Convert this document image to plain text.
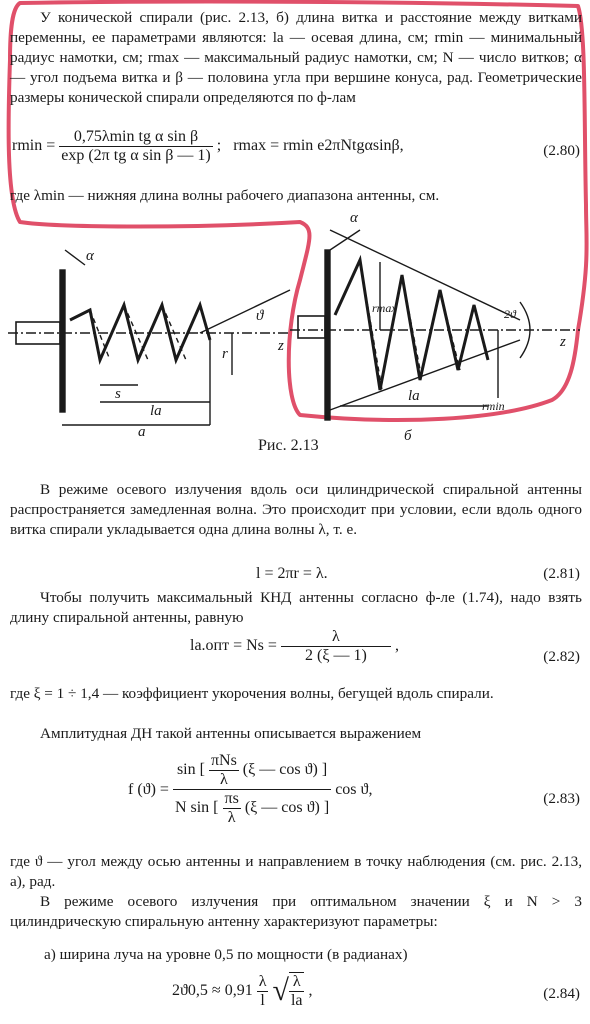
У конической спирали (рис. 2.13, б) длина витка и расстояние между витками переменны, ее параметрами являются: la — осевая длина, см; rmin — минимальный радиус намотки, см; rmax — максимальный радиус намотки, см; N — число витков; α — угол подъема витка и β — половина угла при вершине конуса, рад. Геометрические размеры конической спирали определяются по ф-лам
$rmin = \frac{\text{0,75λmin tg α sin β}}{\text{exp (2π tg α sin β — 1)}}$ ; rmax = rmin e2πNtgαsinβ,	(2.80)
где λmin — нижняя длина волны рабочего диапазона антенны, см.
α
ϑ
s
la
r	z
а
α
rmax	2ϑ
z
la
rmin
б
Рис. 2.13
В режиме осевого излучения вдоль оси цилиндрической спиральной антенны распространяется замедленная волна. Это происходит при условии, если вдоль одного витка спирали укладывается одна длина волны λ, т. е.
l = 2πr = λ.	(2.81)
Чтобы получить максимальный КНД антенны согласно ф-ле (1.74), надо взять длину спиральной антенны, равную
$la.опт = Ns = \frac{\lambda}{2 (\xi — 1)}$ ,
(2.82)
где ξ = 1 ÷ 1,4 — коэффициент укорочения волны, бегущей вдоль спирали.
Амплитудная ДН такой антенны описывается выражением
f (ϑ) =
sin [ $\frac{\text{πNs}}{\lambda} (\xi$ — cos ϑ) ]
N sin [ $\frac{\pi s}{\lambda} (\xi$ — cos ϑ) ]
cos ϑ,
(2.83)
где ϑ — угол между осью антенны и направлением в точку наблюдения (см. рис. 2.13, а), рад.
В режиме осевого излучения при оптимальном значении ξ и N > 3 цилиндрическую спиральную антенну характеризуют параметры:
а) ширина луча на уровне 0,5 по мощности (в радианах)
$2ϑ0,5 \approx 0,91 \frac{\lambda}{l}$ √ $\frac{\lambda}{la}$ ,	(2.84)
